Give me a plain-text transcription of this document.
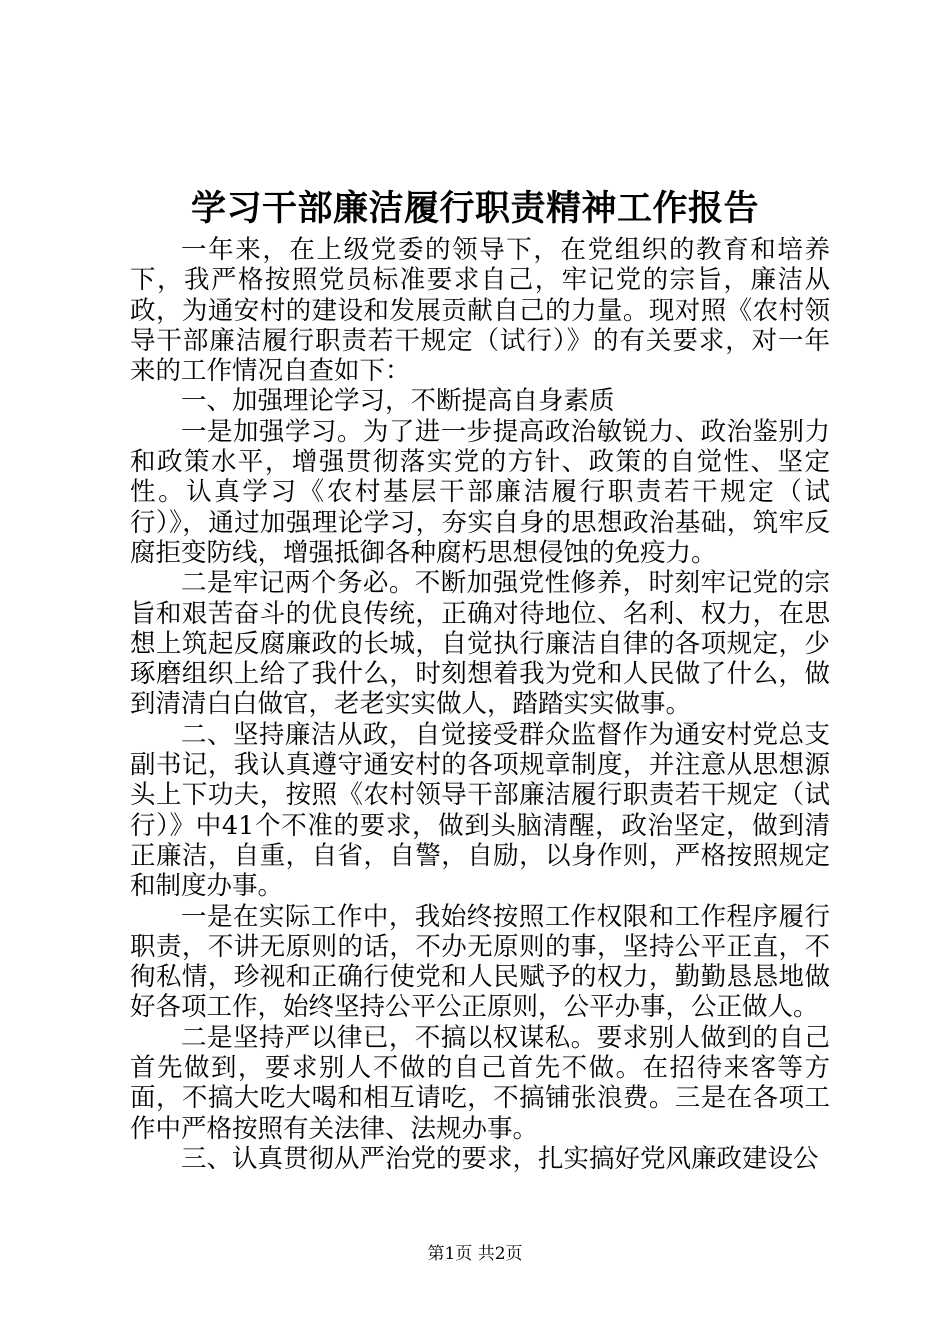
学习干部廉洁履行职责精神工作报告

一年来，在上级党委的领导下，在党组织的教育和培养下，我严格按照党员标准要求自己，牢记党的宗旨，廉洁从政，为通安村的建设和发展贡献自己的力量。现对照《农村领导干部廉洁履行职责若干规定（试行）》的有关要求，对一年来的工作情况自查如下：

一、加强理论学习，不断提高自身素质

一是加强学习。为了进一步提高政治敏锐力、政治鉴别力和政策水平，增强贯彻落实党的方针、政策的自觉性、坚定性。认真学习《农村基层干部廉洁履行职责若干规定（试行）》，通过加强理论学习，夯实自身的思想政治基础，筑牢反腐拒变防线，增强抵御各种腐朽思想侵蚀的免疫力。

二是牢记两个务必。不断加强党性修养，时刻牢记党的宗旨和艰苦奋斗的优良传统，正确对待地位、名利、权力，在思想上筑起反腐廉政的长城，自觉执行廉洁自律的各项规定，少琢磨组织上给了我什么，时刻想着我为党和人民做了什么，做到清清白白做官，老老实实做人，踏踏实实做事。

二、坚持廉洁从政，自觉接受群众监督作为通安村党总支副书记，我认真遵守通安村的各项规章制度，并注意从思想源头上下功夫，按照《农村领导干部廉洁履行职责若干规定（试行）》中41个不准的要求，做到头脑清醒，政治坚定，做到清正廉洁，自重，自省，自警，自励，以身作则，严格按照规定和制度办事。

一是在实际工作中，我始终按照工作权限和工作程序履行职责，不讲无原则的话，不办无原则的事，坚持公平正直，不徇私情，珍视和正确行使党和人民赋予的权力，勤勤恳恳地做好各项工作，始终坚持公平公正原则，公平办事，公正做人。

二是坚持严以律已，不搞以权谋私。要求别人做到的自己首先做到，要求别人不做的自己首先不做。在招待来客等方面，不搞大吃大喝和相互请吃，不搞铺张浪费。三是在各项工作中严格按照有关法律、法规办事。

三、认真贯彻从严治党的要求，扎实搞好党风廉政建设公

第1页 共2页
